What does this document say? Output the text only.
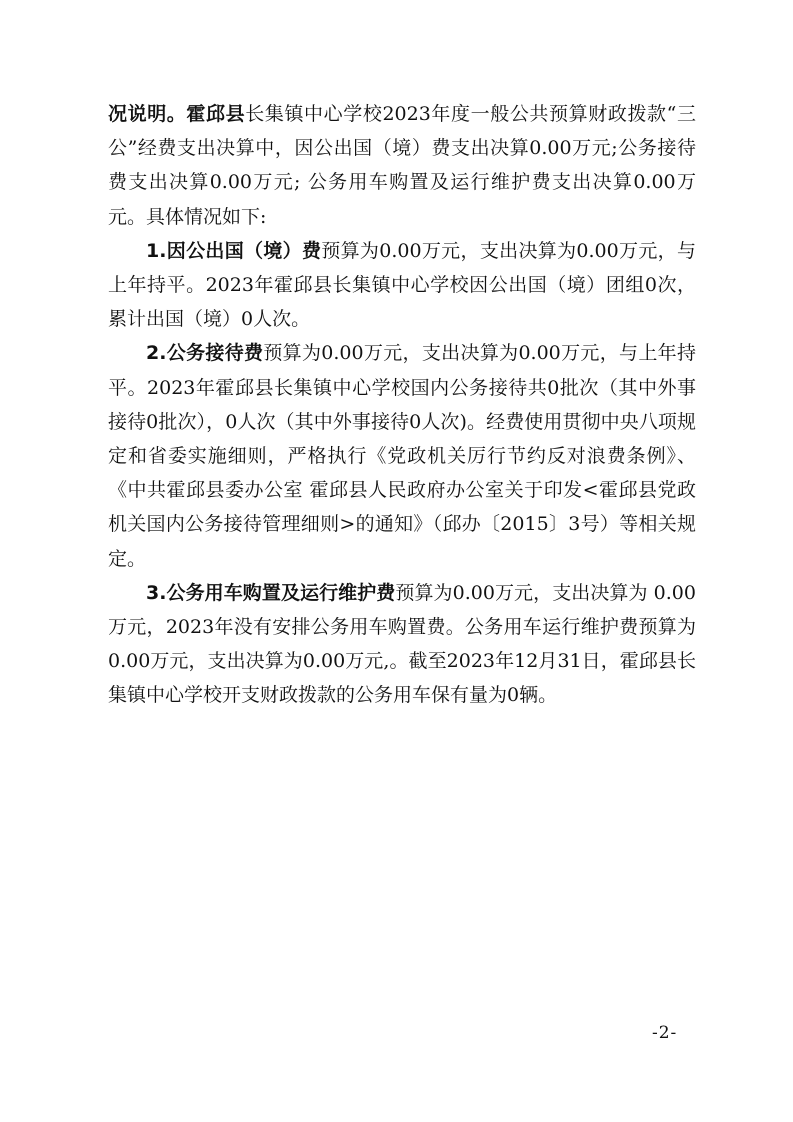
况说明。霍邱县长集镇中心学校2023年度一般公共预算财政拨款“三公”经费支出决算中，因公出国（境）费支出决算0.00万元;公务接待费支出决算0.00万元; 公务用车购置及运行维护费支出决算0.00万元。具体情况如下:

1.因公出国（境）费预算为0.00万元，支出决算为0.00万元，与上年持平。2023年霍邱县长集镇中心学校因公出国（境）团组0次，累计出国（境）0人次。

2.公务接待费预算为0.00万元，支出决算为0.00万元，与上年持平。2023年霍邱县长集镇中心学校国内公务接待共0批次（其中外事接待0批次），0人次（其中外事接待0人次)。经费使用贯彻中央八项规定和省委实施细则，严格执行《党政机关厉行节约反对浪费条例》、《中共霍邱县委办公室 霍邱县人民政府办公室关于印发<霍邱县党政机关国内公务接待管理细则>的通知》（邱办〔2015〕3号）等相关规定。

3.公务用车购置及运行维护费预算为0.00万元，支出决算为 0.00万元，2023年没有安排公务用车购置费。公务用车运行维护费预算为0.00万元，支出决算为0.00万元,。截至2023年12月31日，霍邱县长集镇中心学校开支财政拨款的公务用车保有量为0辆。

-2-
